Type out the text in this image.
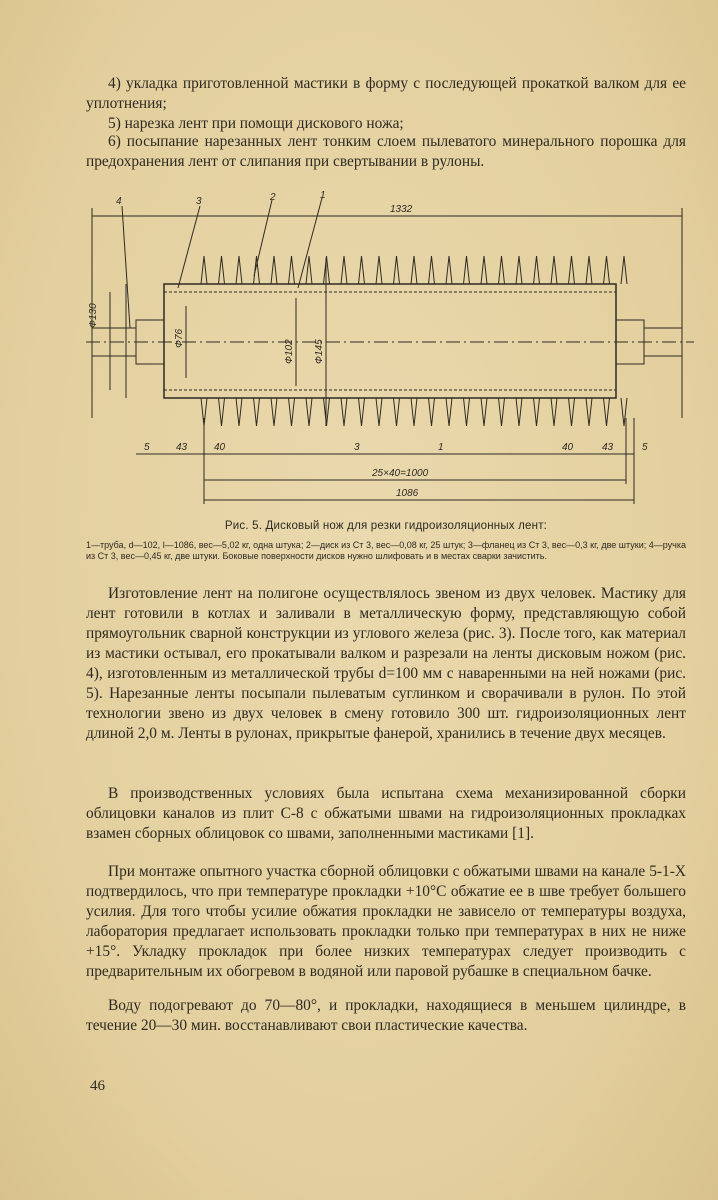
4) укладка приготовленной мастики в форму с последующей прокаткой валком для ее уплотнения;

5) нарезка лент при помощи дискового ножа;

6) посыпание нарезанных лент тонким слоем пылеватого минерального порошка для предохранения лент от слипания при свертывании в рулоны.

4	3	2	1
1332
Ф130
Ф76
Ф102 Ф145
5	43	40	3	1	40	43	5
25×40=1000
1086
Рис. 5. Дисковый нож для резки гидроизоляционных лент:
1—труба, d—102, l—1086, вес—5,02 кг, одна штука; 2—диск из Ст 3, вес—0,08 кг, 25 штук; 3—фланец из Ст 3, вес—0,3 кг, две штуки; 4—ручка из Ст 3, вес—0,45 кг, две штуки. Боковые поверхности дисков нужно шлифовать и в местах сварки зачистить.

Изготовление лент на полигоне осуществлялось звеном из двух человек. Мастику для лент готовили в котлах и заливали в металлическую форму, представляющую собой прямоугольник сварной конструкции из углового железа (рис. 3). После того, как материал из мастики остывал, его прокатывали валком и разрезали на ленты дисковым ножом (рис. 4), изготовленным из металлической трубы d=100 мм с наваренными на ней ножами (рис. 5). Нарезанные ленты посыпали пылеватым суглинком и сворачивали в рулон. По этой технологии звено из двух человек в смену готовило 300 шт. гидроизоляционных лент длиной 2,0 м. Ленты в рулонах, прикрытые фанерой, хранились в течение двух месяцев.

В производственных условиях была испытана схема механизированной сборки облицовки каналов из плит С-8 с обжатыми швами на гидроизоляционных прокладках взамен сборных облицовок со швами, заполненными мастиками [1].

При монтаже опытного участка сборной облицовки с обжатыми швами на канале 5-1-X подтвердилось, что при температуре прокладки +10°С обжатие ее в шве требует большего усилия. Для того чтобы усилие обжатия прокладки не зависело от температуры воздуха, лаборатория предлагает использовать прокладки только при температурах в них не ниже +15°. Укладку прокладок при более низких температурах следует производить с предварительным их обогревом в водяной или паровой рубашке в специальном бачке.

Воду подогревают до 70—80°, и прокладки, находящиеся в меньшем цилиндре, в течение 20—30 мин. восстанавливают свои пластические качества.

46
